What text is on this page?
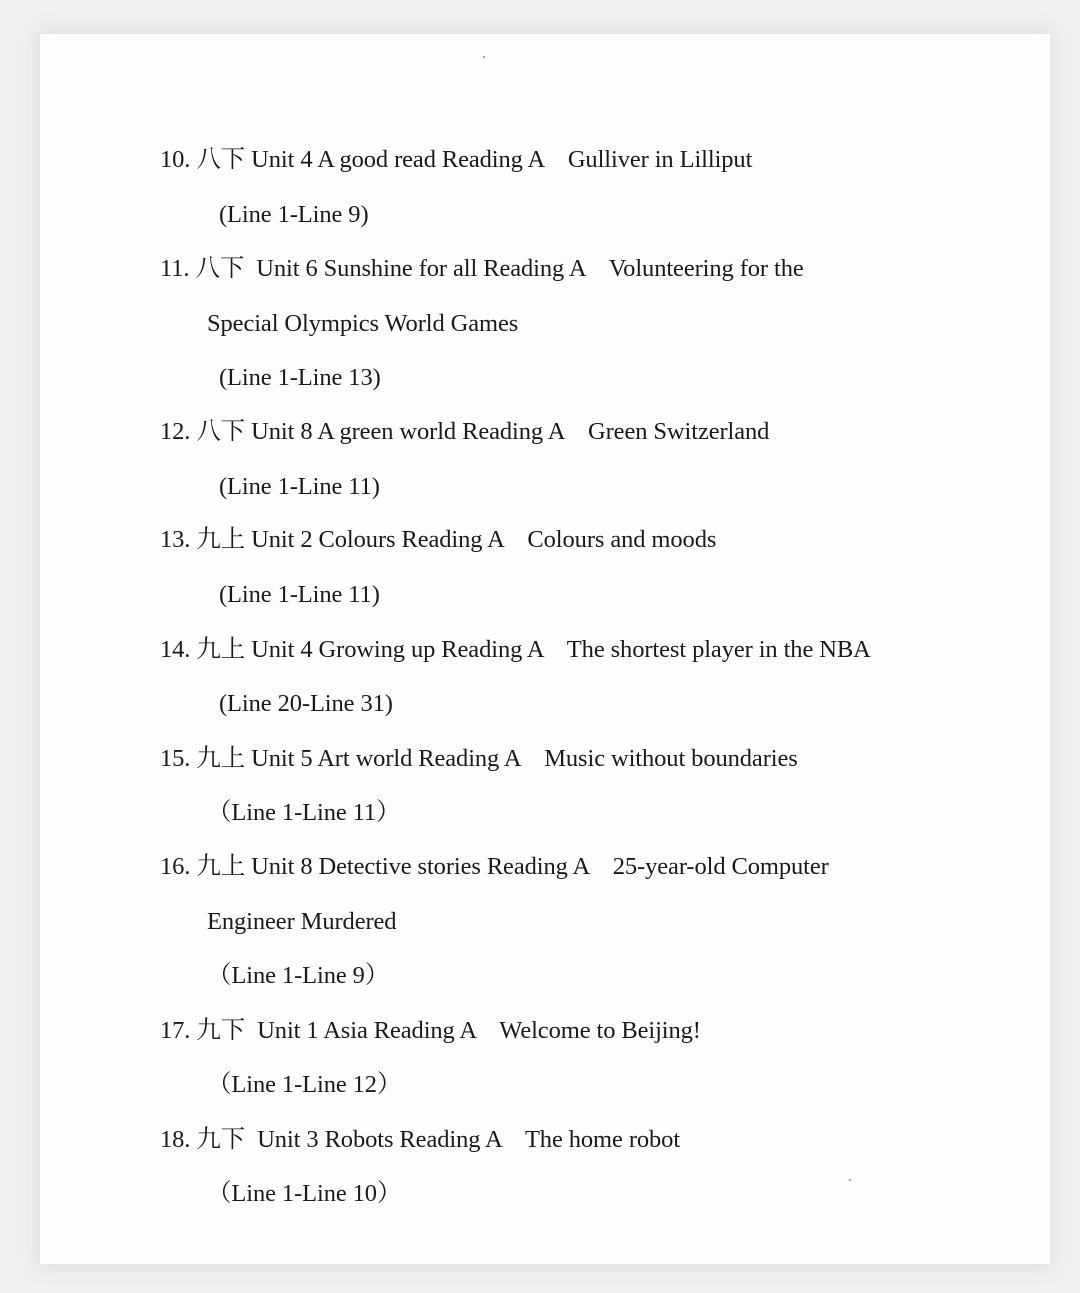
10. 八下 Unit 4 A good read Reading A    Gulliver in Lilliput
(Line 1-Line 9)
11. 八下  Unit 6 Sunshine for all Reading A    Volunteering for the
Special Olympics World Games
(Line 1-Line 13)
12. 八下 Unit 8 A green world Reading A    Green Switzerland
(Line 1-Line 11)
13. 九上 Unit 2 Colours Reading A    Colours and moods
(Line 1-Line 11)
14. 九上 Unit 4 Growing up Reading A    The shortest player in the NBA
(Line 20-Line 31)
15. 九上 Unit 5 Art world Reading A    Music without boundaries
（Line 1-Line 11）
16. 九上 Unit 8 Detective stories Reading A    25-year-old Computer
Engineer Murdered
（Line 1-Line 9）
17. 九下  Unit 1 Asia Reading A    Welcome to Beijing!
（Line 1-Line 12）
18. 九下  Unit 3 Robots Reading A    The home robot
（Line 1-Line 10）
